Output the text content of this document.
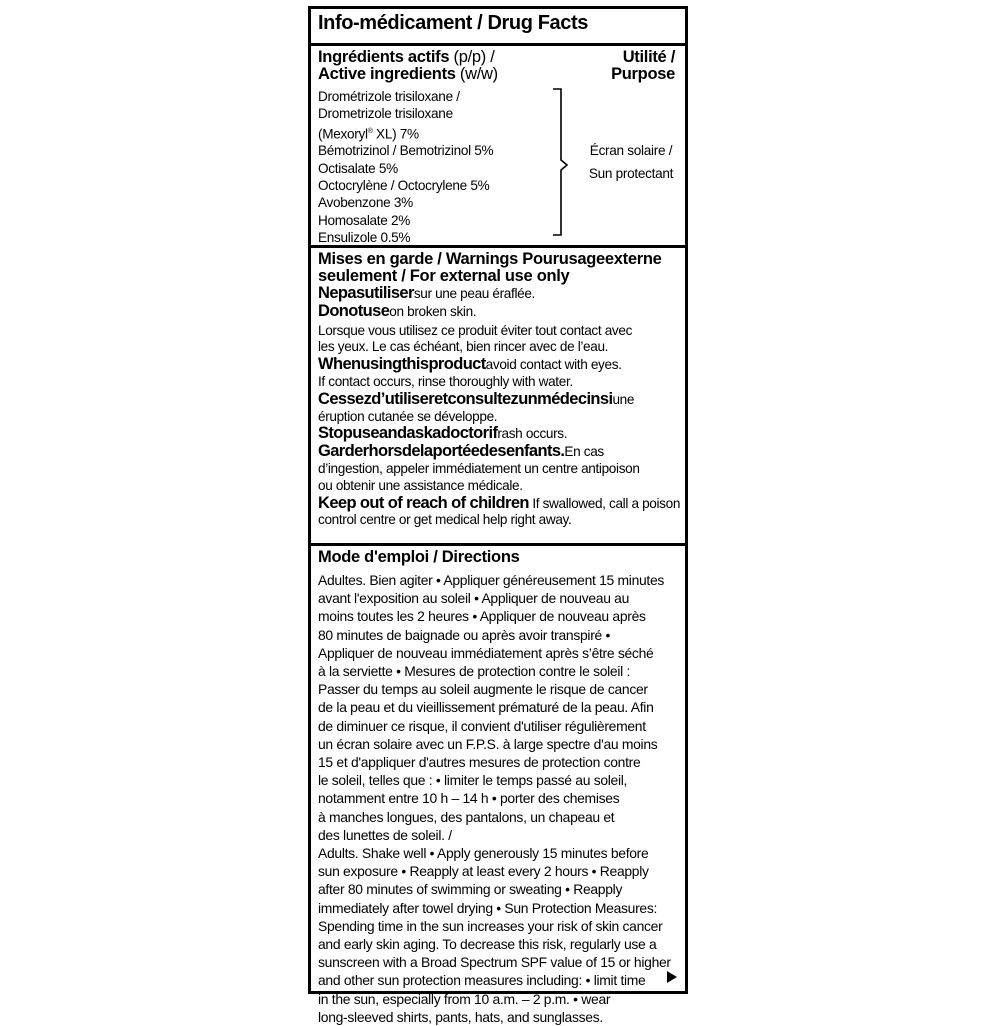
Info-médicament / Drug Facts
Ingrédients actifs (p/p) /
Active ingredients (w/w)
Utilité /
Purpose
Drométrizole trisiloxane /
Drometrizole trisiloxane
(Mexoryl® XL) 7%
Bémotrizinol / Bemotrizinol 5%
Octisalate 5%
Octocrylène / Octocrylene 5%
Avobenzone 3%
Homosalate 2%
Ensulizole 0.5%
Écran solaire /
Sun protectant
Mises en garde / Warnings Pourusageexterne
seulement / For external use only
Nepasutilisersur une peau éraflée.
Donotuseon broken skin.
Lorsque vous utilisez ce produit éviter tout contact avec
les yeux. Le cas échéant, bien rincer avec de l’eau.
Whenusingthisproductavoid contact with eyes.
If contact occurs, rinse thoroughly with water.
Cessezd’utiliseretconsultezunmédecinsiune
éruption cutanée se développe.
Stopuseandaskadoctorifrash occurs.
Garderhorsdelaportéedesenfants.En cas
d’ingestion, appeler immédiatement un centre antipoison
ou obtenir une assistance médicale.
Keep out of reach of children If swallowed, call a poison
control centre or get medical help right away.
Mode d'emploi / Directions
Adultes. Bien agiter • Appliquer généreusement 15 minutes
avant l'exposition au soleil • Appliquer de nouveau au
moins toutes les 2 heures • Appliquer de nouveau après
80 minutes de baignade ou après avoir transpiré •
Appliquer de nouveau immédiatement après s’être séché
à la serviette • Mesures de protection contre le soleil :
Passer du temps au soleil augmente le risque de cancer
de la peau et du vieillissement prématuré de la peau. Afin
de diminuer ce risque, il convient d'utiliser régulièrement
un écran solaire avec un F.P.S. à large spectre d'au moins
15 et d'appliquer d'autres mesures de protection contre
le soleil, telles que : • limiter le temps passé au soleil,
notamment entre 10 h – 14 h • porter des chemises
à manches longues, des pantalons, un chapeau et
des lunettes de soleil. /
Adults. Shake well • Apply generously 15 minutes before
sun exposure • Reapply at least every 2 hours • Reapply
after 80 minutes of swimming or sweating • Reapply
immediately after towel drying • Sun Protection Measures:
Spending time in the sun increases your risk of skin cancer
and early skin aging. To decrease this risk, regularly use a
sunscreen with a Broad Spectrum SPF value of 15 or higher
and other sun protection measures including: • limit time
in the sun, especially from 10 a.m. – 2 p.m. • wear
long-sleeved shirts, pants, hats, and sunglasses.
